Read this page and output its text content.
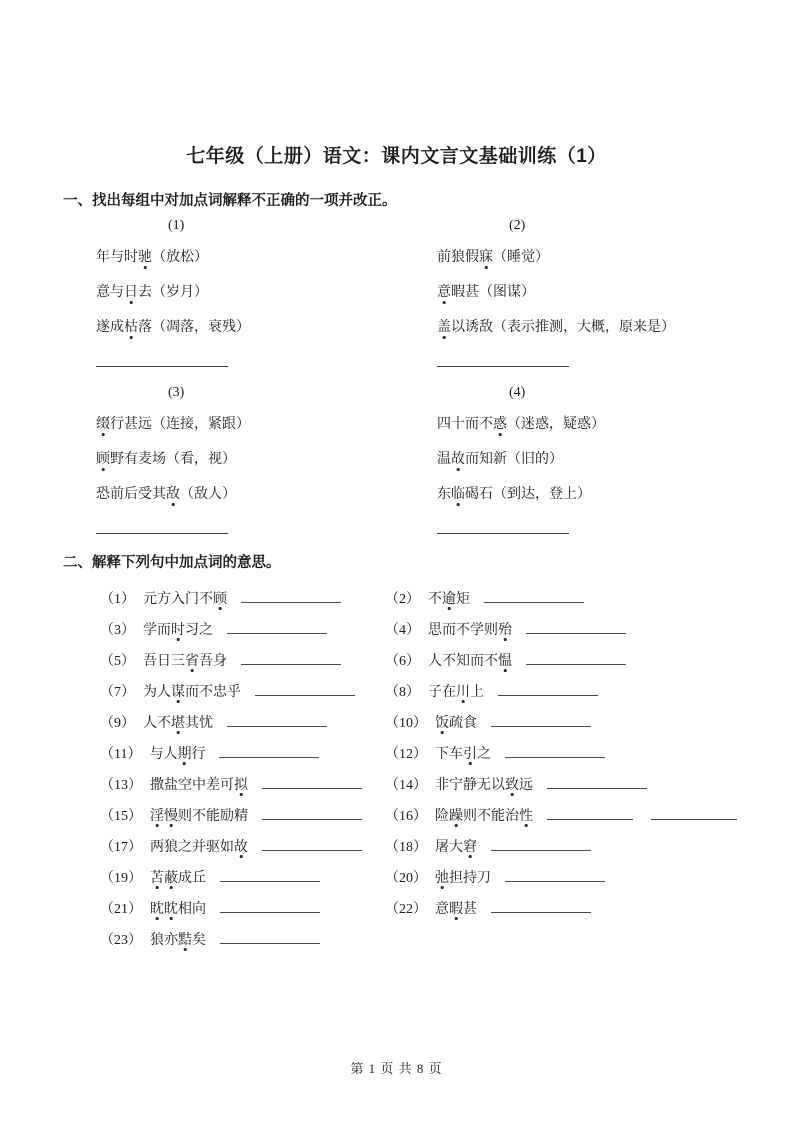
七年级（上册）语文：课内文言文基础训练（1）
一、找出每组中对加点词解释不正确的一项并改正。
(1)
年与时驰（放松）
意与日去（岁月）
遂成枯落（凋落，衰残）
(2)
前狼假寐（睡觉）
意暇甚（图谋）
盖以诱敌（表示推测，大概，原来是）
(3)
缀行甚远（连接，紧跟）
顾野有麦场（看，视）
恐前后受其敌（敌人）
(4)
四十而不惑（迷惑，疑惑）
温故而知新（旧的）
东临碣石（到达，登上）
二、解释下列句中加点词的意思。
（1） 元方入门不顾	（2） 不逾矩
（3） 学而时习之	（4） 思而不学则殆
（5） 吾日三省吾身	（6） 人不知而不愠
（7） 为人谋而不忠乎	（8） 子在川上
（9） 人不堪其忧	（10） 饭疏食
（11） 与人期行	（12） 下车引之
（13） 撒盐空中差可拟	（14） 非宁静无以致远
（15） 淫慢则不能励精	（16） 险躁则不能治性
（17） 两狼之并驱如故	（18） 屠大窘
（19） 苫蔽成丘	（20） 弛担持刀
（21） 眈眈相向	（22） 意暇甚
（23） 狼亦黠矣
第 1 页 共 8 页
